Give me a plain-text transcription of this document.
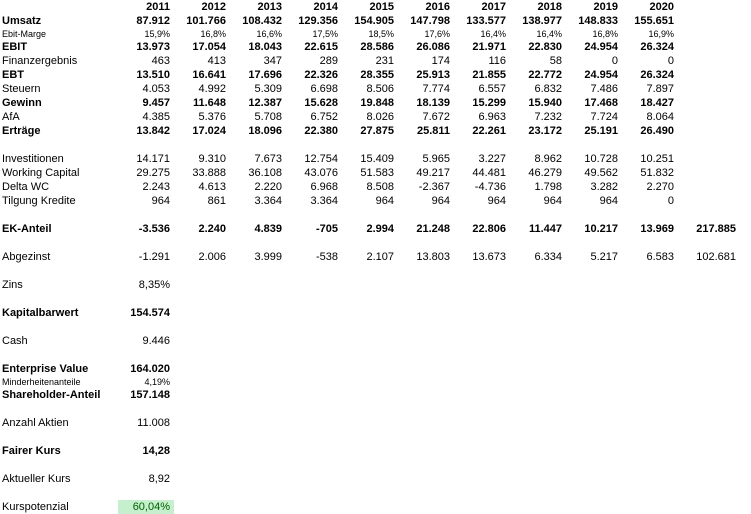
	2011	2012	2013	2014	2015	2016	2017	2018	2019	2020	
Umsatz	87.912	101.766	108.432	129.356	154.905	147.798	133.577	138.977	148.833	155.651	
Ebit-Marge	15,9%	16,8%	16,6%	17,5%	18,5%	17,6%	16,4%	16,4%	16,8%	16,9%	
EBIT	13.973	17.054	18.043	22.615	28.586	26.086	21.971	22.830	24.954	26.324	
Finanzergebnis	463	413	347	289	231	174	116	58	0	0	
EBT	13.510	16.641	17.696	22.326	28.355	25.913	21.855	22.772	24.954	26.324	
Steuern	4.053	4.992	5.309	6.698	8.506	7.774	6.557	6.832	7.486	7.897	
Gewinn	9.457	11.648	12.387	15.628	19.848	18.139	15.299	15.940	17.468	18.427	
AfA	4.385	5.376	5.708	6.752	8.026	7.672	6.963	7.232	7.724	8.064	
Erträge	13.842	17.024	18.096	22.380	27.875	25.811	22.261	23.172	25.191	26.490	

Investitionen	14.171	9.310	7.673	12.754	15.409	5.965	3.227	8.962	10.728	10.251	
Working Capital	29.275	33.888	36.108	43.076	51.583	49.217	44.481	46.279	49.562	51.832	
Delta WC	2.243	4.613	2.220	6.968	8.508	-2.367	-4.736	1.798	3.282	2.270	
Tilgung Kredite	964	861	3.364	3.364	964	964	964	964	964	0	

EK-Anteil	-3.536	2.240	4.839	-705	2.994	21.248	22.806	11.447	10.217	13.969	217.885

Abgezinst	-1.291	2.006	3.999	-538	2.107	13.803	13.673	6.334	5.217	6.583	102.681

Zins	8,35%										

Kapitalbarwert	154.574										

Cash	9.446										

Enterprise Value	164.020										
Minderheitenanteile	4,19%										
Shareholder-Anteil	157.148										

Anzahl Aktien	11.008										

Fairer Kurs	14,28										

Aktueller Kurs	8,92										

Kurspotenzial	60,04%										
